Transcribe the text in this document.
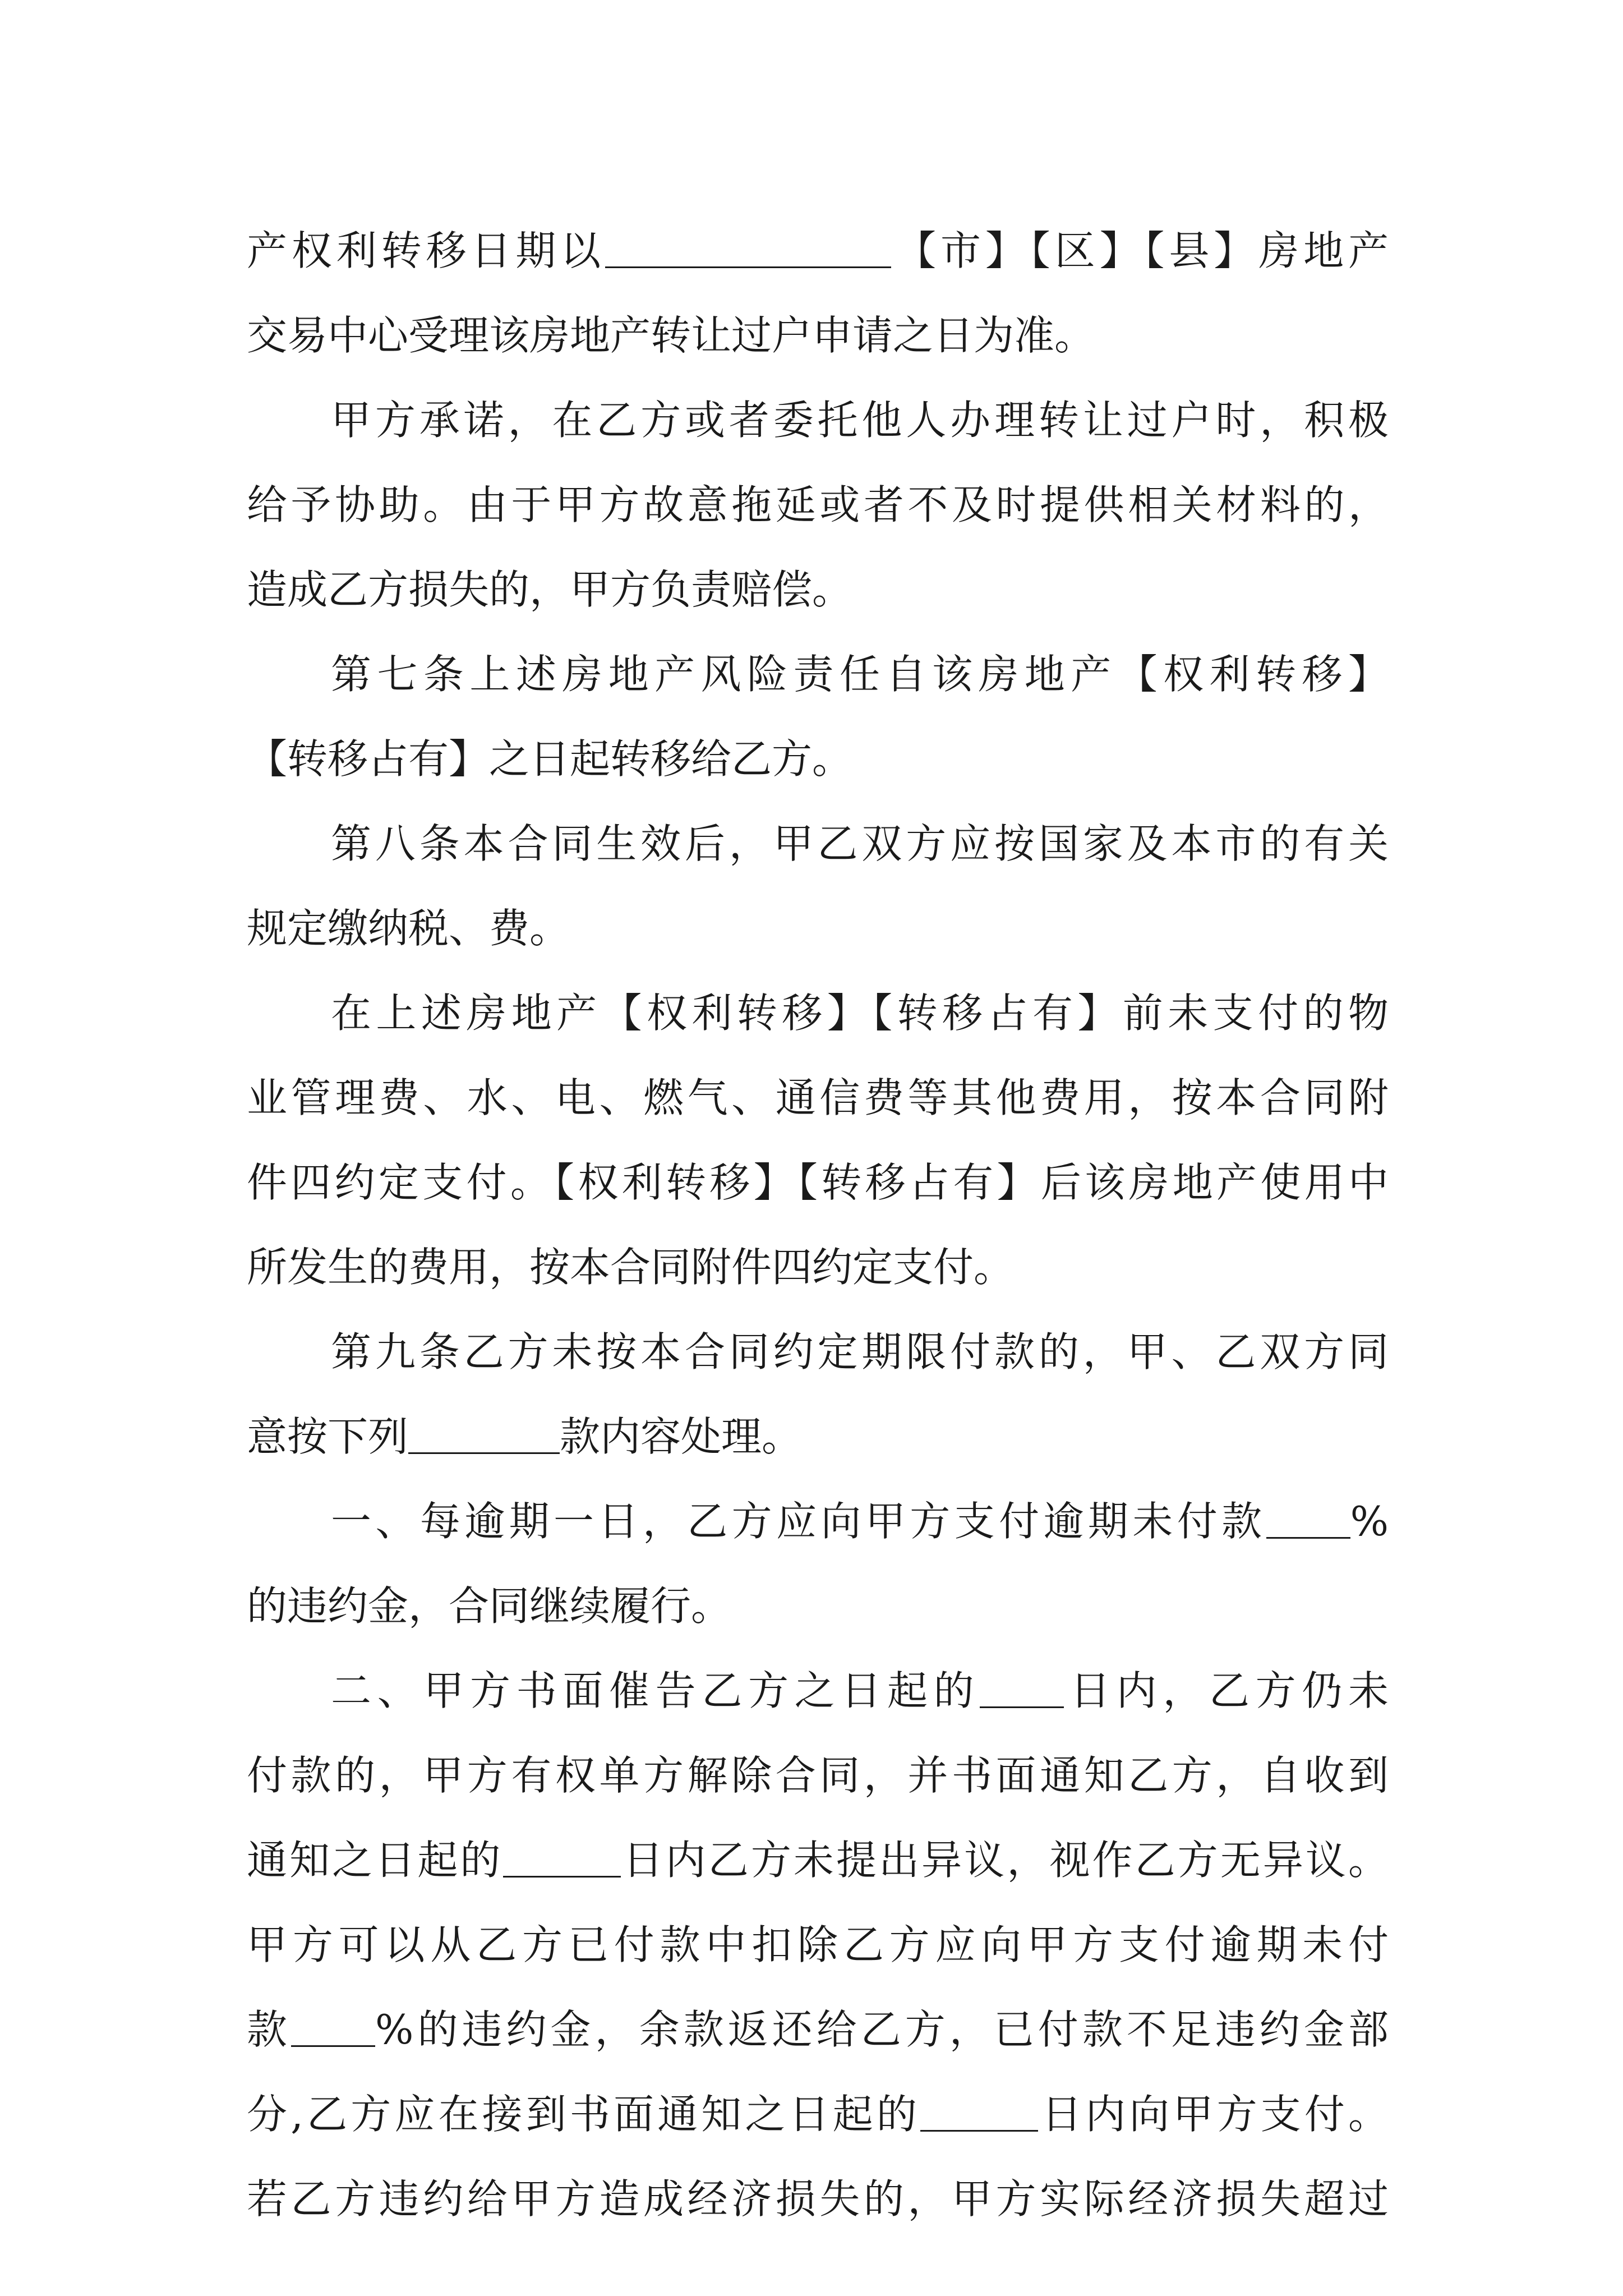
产权利转移日期以	【市】【区】【县】房地产
交易中心受理该房地产转让过户申请之日为准。
甲方承诺，在乙方或者委托他人办理转让过户时，积极
给予协助。由于甲方故意拖延或者不及时提供相关材料的，
造成乙方损失的，甲方负责赔偿。
第七条上述房地产风险责任自该房地产【权利转移】
【转移占有】之日起转移给乙方。
第八条本合同生效后，甲乙双方应按国家及本市的有关
规定缴纳税、费。
在上述房地产【权利转移】【转移占有】前未支付的物
业管理费、水、电、燃气、通信费等其他费用，按本合同附
件四约定支付。【权利转移】【转移占有】后该房地产使用中
所发生的费用，按本合同附件四约定支付。
第九条乙方未按本合同约定期限付款的，甲、乙双方同
意按下列	款内容处理。
一、每逾期一日，乙方应向甲方支付逾期未付款 %
的违约金，合同继续履行。
二、甲方书面催告乙方之日起的 日内，乙方仍未
付款的，甲方有权单方解除合同，并书面通知乙方，自收到
通知之日起的	日内乙方未提出异议，视作乙方无异议。
甲方可以从乙方已付款中扣除乙方应向甲方支付逾期未付
款 %的违约金，余款返还给乙方，已付款不足违约金部
分,乙方应在接到书面通知之日起的	日内向甲方支付。
若乙方违约给甲方造成经济损失的，甲方实际经济损失超过
